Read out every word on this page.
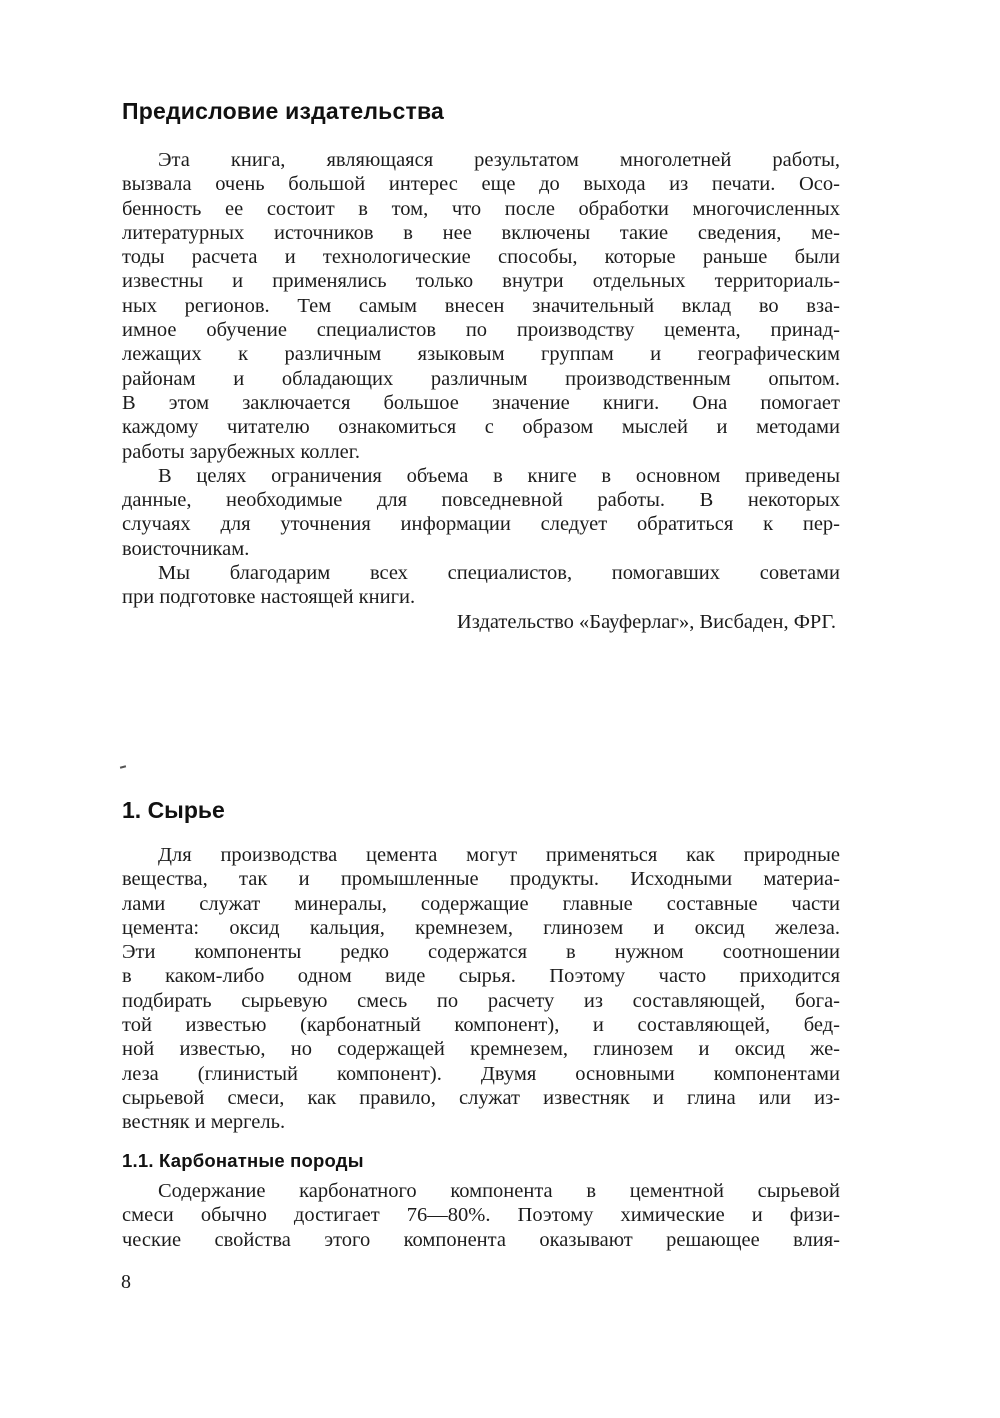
Предисловие издательства
Эта книга, являющаяся результатом многолетней работы,
вызвала очень большой интерес еще до выхода из печати. Осо-
бенность ее состоит в том, что после обработки многочисленных
литературных источников в нее включены такие сведения, ме-
тоды расчета и технологические способы, которые раньше были
известны и применялись только внутри отдельных территориаль-
ных регионов. Тем самым внесен значительный вклад во вза-
имное обучение специалистов по производству цемента, принад-
лежащих к различным языковым группам и географическим
районам и обладающих различным производственным опытом.
В этом заключается большое значение книги. Она помогает
каждому читателю ознакомиться с образом мыслей и методами
работы зарубежных коллег.
В целях ограничения объема в книге в основном приведены
данные, необходимые для повседневной работы. В некоторых
случаях для уточнения информации следует обратиться к пер-
воисточникам.
Мы благодарим всех специалистов, помогавших советами
при подготовке настоящей книги.
Издательство «Бауферлаг», Висбаден, ФРГ.
1. Сырье
Для производства цемента могут применяться как природные
вещества, так и промышленные продукты. Исходными материа-
лами служат минералы, содержащие главные составные части
цемента: оксид кальция, кремнезем, глинозем и оксид железа.
Эти компоненты редко содержатся в нужном соотношении
в каком-либо одном виде сырья. Поэтому часто приходится
подбирать сырьевую смесь по расчету из составляющей, бога-
той известью (карбонатный компонент), и составляющей, бед-
ной известью, но содержащей кремнезем, глинозем и оксид же-
леза (глинистый компонент). Двумя основными компонентами
сырьевой смеси, как правило, служат известняк и глина или из-
вестняк и мергель.
1.1. Карбонатные породы
Содержание карбонатного компонента в цементной сырьевой
смеси обычно достигает 76—80%. Поэтому химические и физи-
ческие свойства этого компонента оказывают решающее влия-
8
